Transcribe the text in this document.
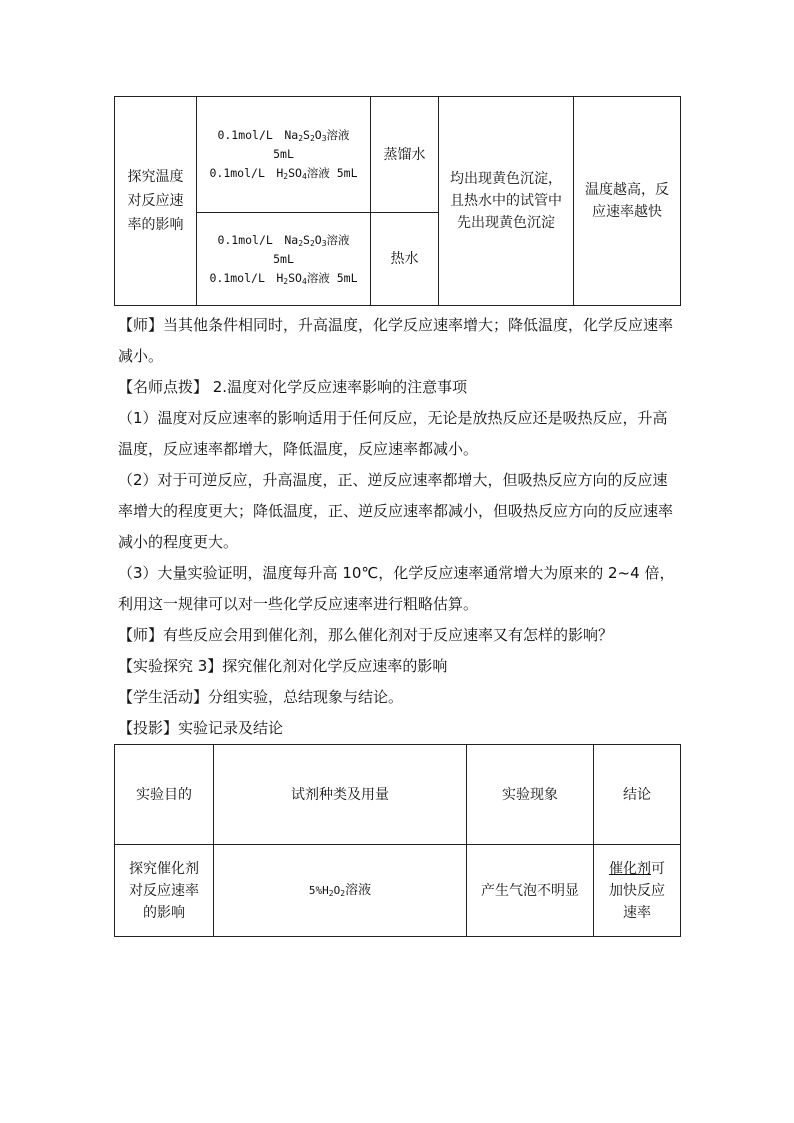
探究温度对反应速率的影响	0.1mol/L　$Na_2S_2O_3$溶液
5mL
0.1mol/L　$H_2SO_4$溶液 5mL	蒸馏水	均出现黄色沉淀，且热水中的试管中先出现黄色沉淀	温度越高，反应速率越快

	0.1mol/L　$Na_2S_2O_3$溶液
5mL
0.1mol/L　$H_2SO_4$溶液 5mL	热水		
【师】当其他条件相同时，升高温度，化学反应速率增大；降低温度，化学反应速率减小。
【名师点拨】 2.温度对化学反应速率影响的注意事项
（1）温度对反应速率的影响适用于任何反应，无论是放热反应还是吸热反应，升高温度，反应速率都增大，降低温度，反应速率都减小。
（2）对于可逆反应，升高温度，正、逆反应速率都增大，但吸热反应方向的反应速率增大的程度更大；降低温度，正、逆反应速率都减小，但吸热反应方向的反应速率减小的程度更大。
（3）大量实验证明，温度每升高 10℃，化学反应速率通常增大为原来的 2~4 倍，利用这一规律可以对一些化学反应速率进行粗略估算。
【师】有些反应会用到催化剂，那么催化剂对于反应速率又有怎样的影响？
【实验探究 3】探究催化剂对化学反应速率的影响
【学生活动】分组实验，总结现象与结论。
【投影】实验记录及结论
实验目的	试剂种类及用量	实验现象	结论
探究催化剂对反应速率的影响	$5\%H_2O_2$溶液	产生气泡不明显	催化剂可加快反应速率
